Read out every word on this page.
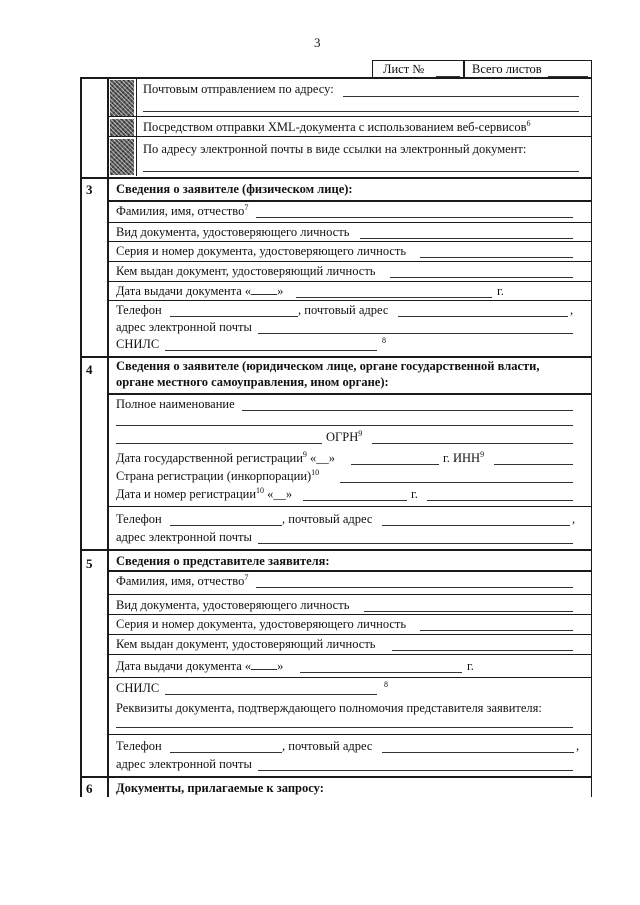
3
Лист №	Всего листов
Почтовым отправлением по адресу:
Посредством отправки XML-документа с использованием веб-сервисов$^6$
По адресу электронной почты в виде ссылки на электронный документ:
3 Сведения о заявителе (физическом лице):
Фамилия, имя, отчество$^7$
Вид документа, удостоверяющего личность
Серия и номер документа, удостоверяющего личность
Кем выдан документ, удостоверяющий личность
Дата выдачи документа « »	г.
Телефон	, почтовый адрес	,
адрес электронной почты
СНИЛС	8
4 Сведения о заявителе (юридическом лице, органе государственной власти,
органе местного самоуправления, ином органе):
Полное наименование
ОГРН$^9$
Дата государственной регистрации$^9$ «__»	г. ИНН$^9$
Страна регистрации (инкорпорации)$^{10}$
Дата и номер регистрации$^{10}$ «__»	г.
Телефон	, почтовый адрес	,
адрес электронной почты
5 Сведения о представителе заявителя:
Фамилия, имя, отчество$^7$
Вид документа, удостоверяющего личность
Серия и номер документа, удостоверяющего личность
Кем выдан документ, удостоверяющий личность
Дата выдачи документа « »	г.
СНИЛС	8
Реквизиты документа, подтверждающего полномочия представителя заявителя:
Телефон	, почтовый адрес	,
адрес электронной почты
6 Документы, прилагаемые к запросу:
